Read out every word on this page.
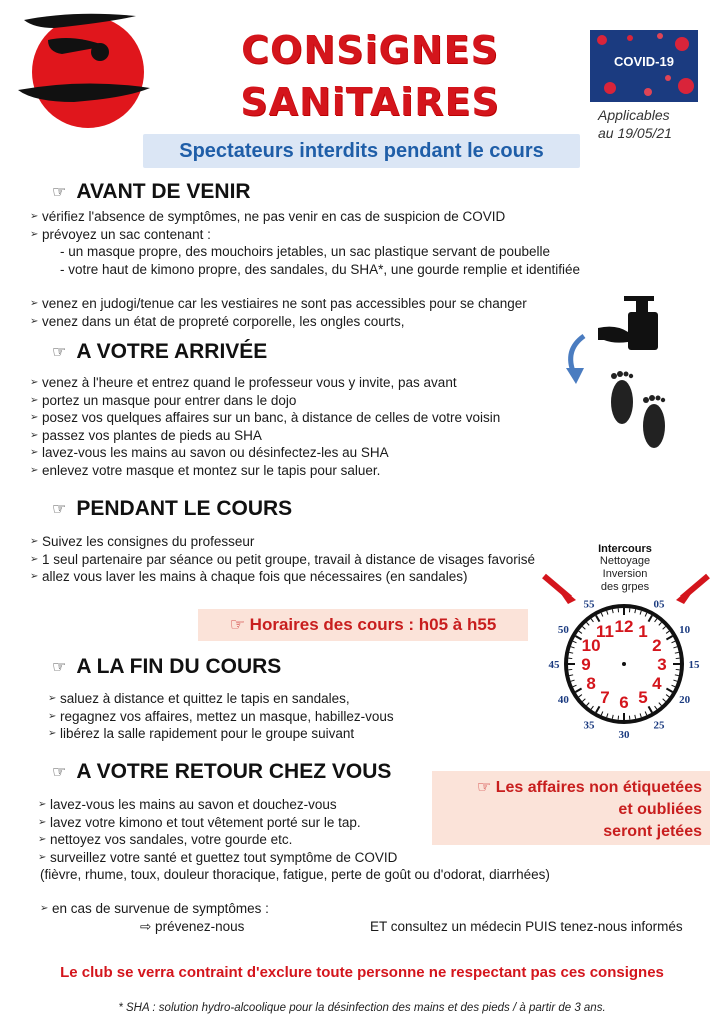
CONSiGNES
SANiTAiRES
COVID-19
Applicables
au 19/05/21
Spectateurs interdits pendant le cours
☞ AVANT DE VENIR
➢ vérifiez l'absence de symptômes, ne pas venir en cas de suspicion de COVID
➢ prévoyez un sac contenant :
- un masque propre, des mouchoirs jetables, un sac plastique servant de poubelle
- votre haut de kimono propre, des sandales, du SHA*, une gourde remplie et identifiée
➢ venez en judogi/tenue car les vestiaires ne sont pas accessibles pour se changer
➢ venez dans un état de propreté corporelle, les ongles courts,
☞ A VOTRE ARRIVÉE
➢ venez à l'heure et entrez quand le professeur vous y invite, pas avant
➢ portez un masque pour entrer dans le dojo
➢ posez vos quelques affaires sur un banc, à distance de celles de votre voisin
➢ passez vos plantes de pieds au SHA
➢ lavez-vous les mains au savon ou désinfectez-les au SHA
➢ enlevez votre masque et montez sur le tapis pour saluer.
☞ PENDANT LE COURS
➢ Suivez les consignes du professeur
➢ 1 seul partenaire par séance ou petit groupe, travail à distance de visages favorisé
➢ allez vous laver les mains à chaque fois que nécessaires (en sandales)
Intercours
Nettoyage
Inversion
des grpes
12 1
2
3
4
5
6
7
8
9
10
11
05
10
15
20
25
30
35
40
45
50
55
☞ Horaires des cours : h05 à h55
☞ A LA FIN DU COURS
➢ saluez à distance et quittez le tapis en sandales,
➢ regagnez vos affaires, mettez un masque, habillez-vous
➢ libérez la salle rapidement pour le groupe suivant
☞ A VOTRE RETOUR CHEZ VOUS
➢ lavez-vous les mains au savon et douchez-vous
➢ lavez votre kimono et tout vêtement porté sur le tap.
➢ nettoyez vos sandales, votre gourde etc.
➢ surveillez votre santé et guettez tout symptôme de COVID
(fièvre, rhume, toux, douleur thoracique, fatigue, perte de goût ou d'odorat, diarrhées)
➢ en cas de survenue de symptômes :
⇨ prévenez-nous	ET consultez un médecin PUIS tenez-nous informés
☞ Les affaires non étiquetées
et oubliées
seront jetées
Le club se verra contraint d'exclure toute personne ne respectant pas ces consignes
* SHA : solution hydro-alcoolique pour la désinfection des mains et des pieds / à partir de 3 ans.
